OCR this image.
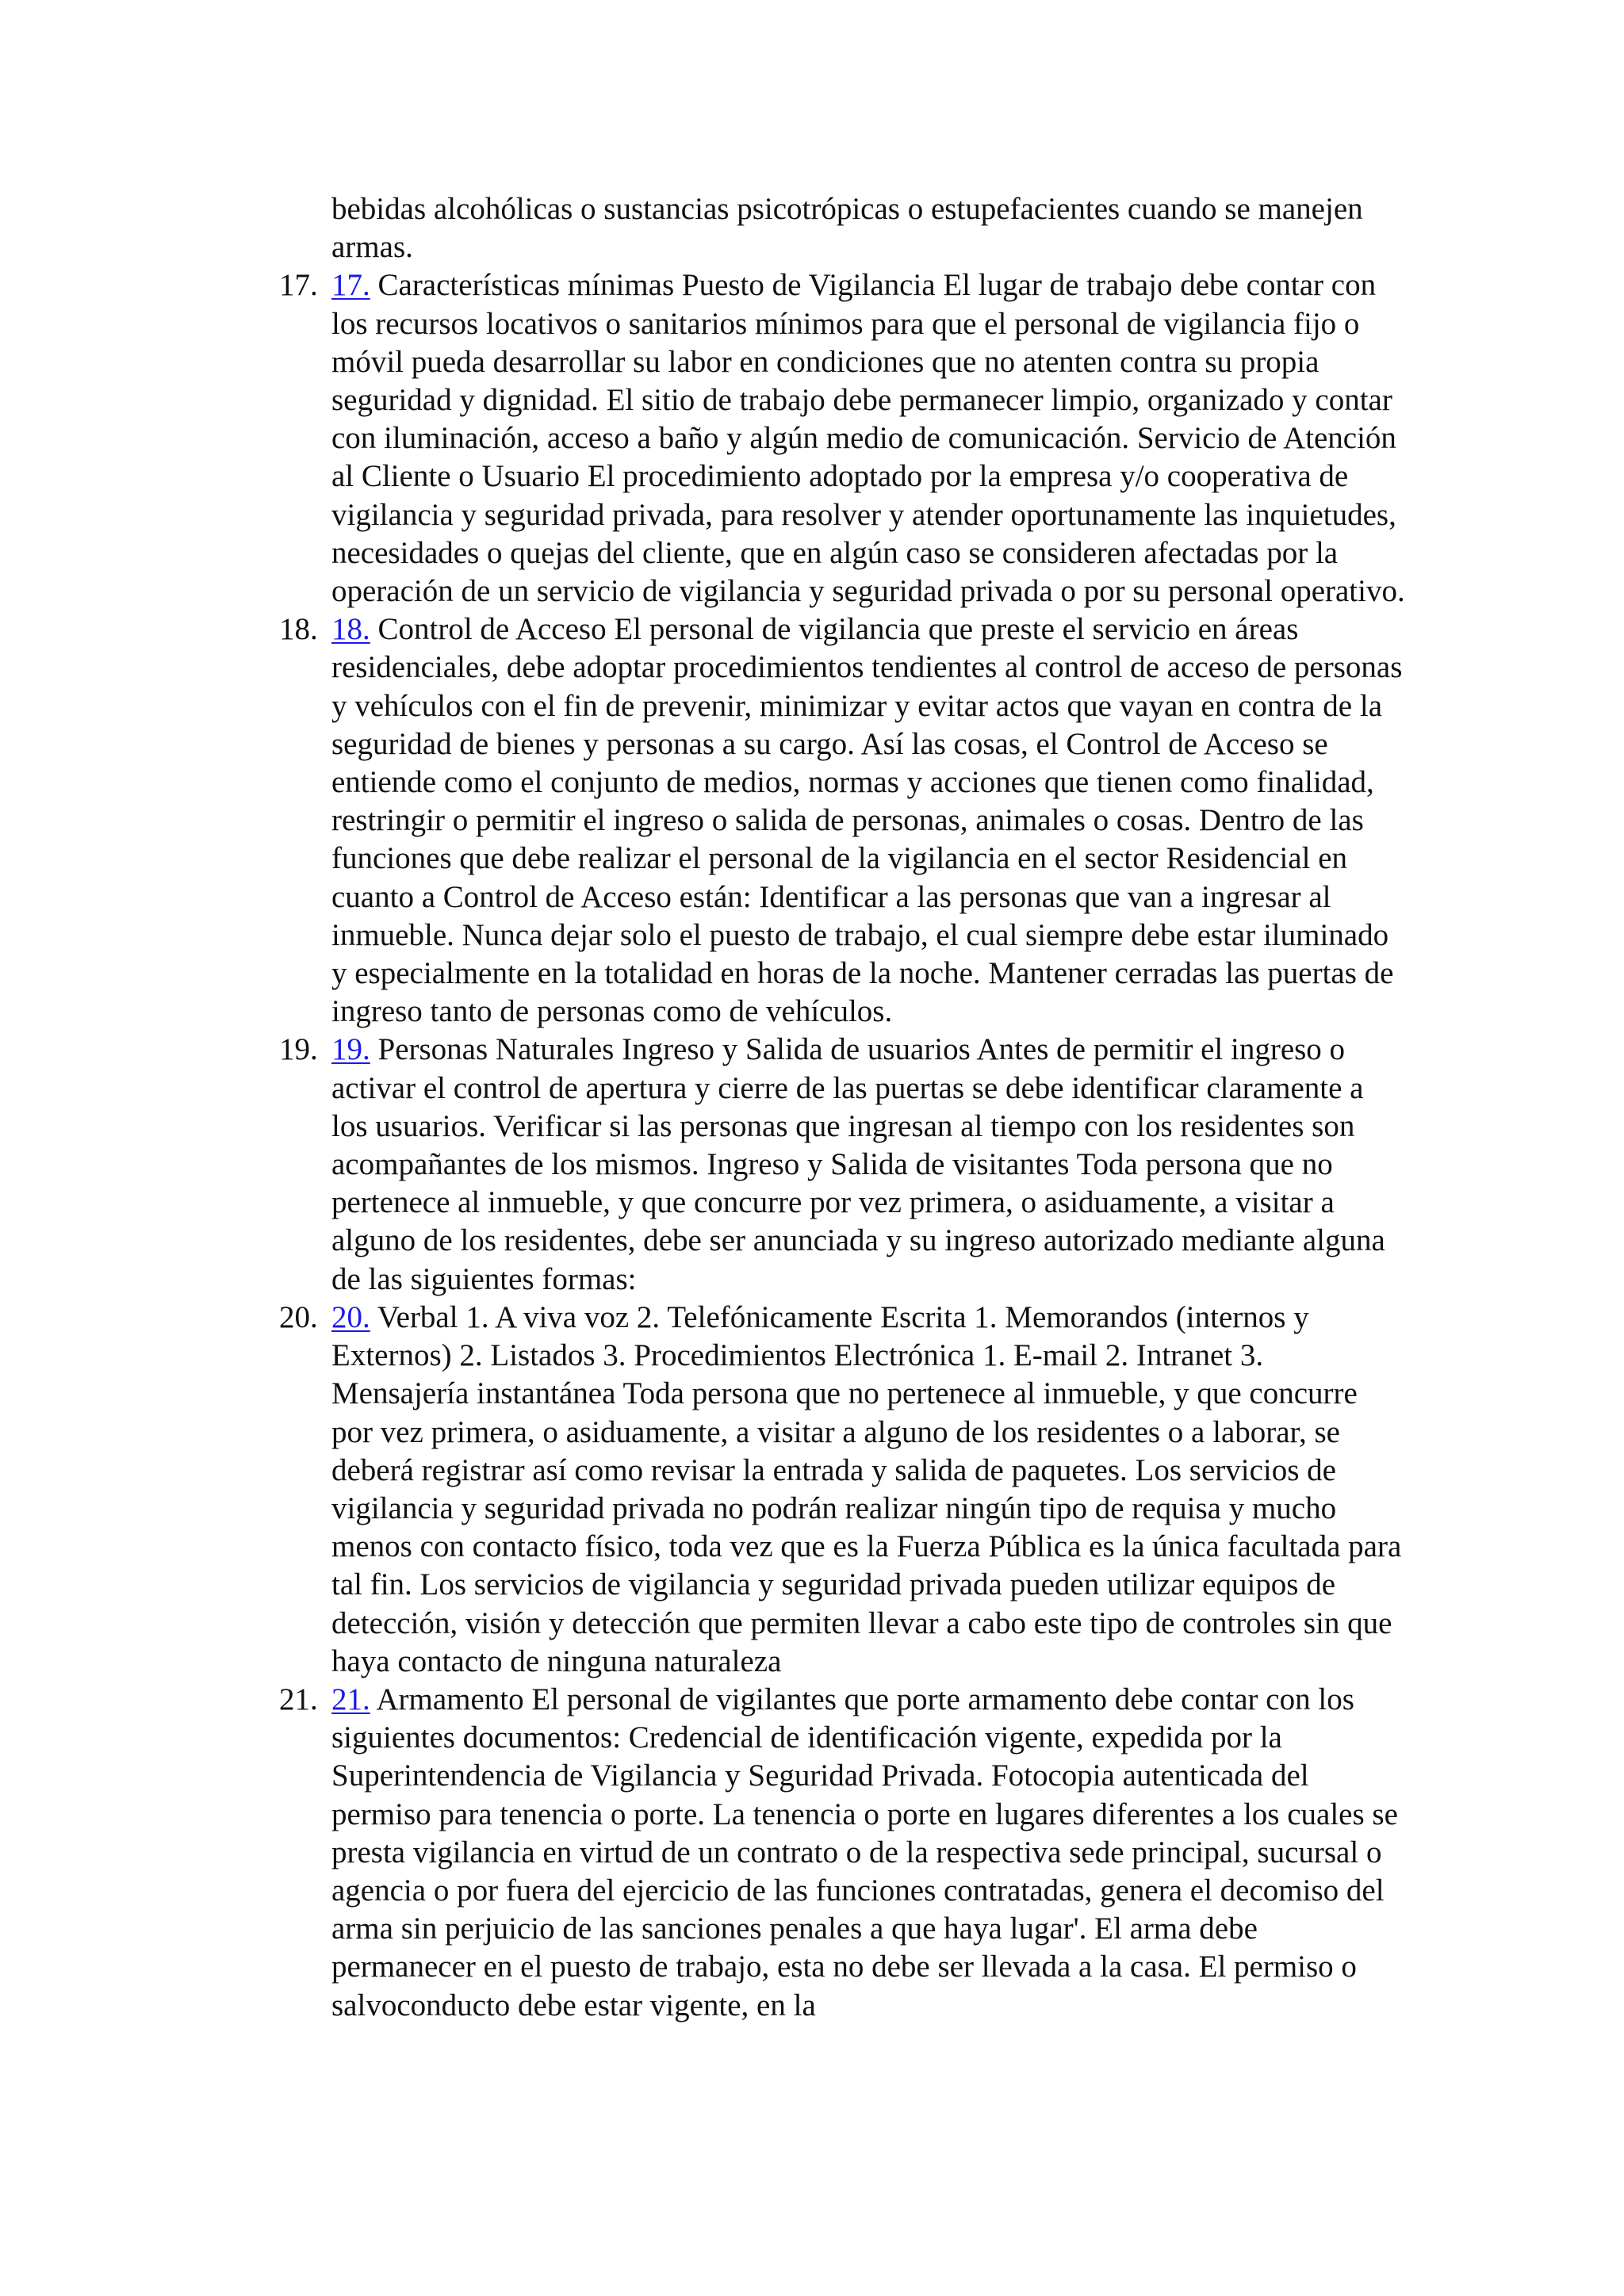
bebidas alcohólicas o sustancias psicotrópicas o estupefacientes cuando se manejen armas.

17. 17. Características mínimas Puesto de Vigilancia El lugar de trabajo debe contar con los recursos locativos o sanitarios mínimos para que el personal de vigilancia fijo o móvil pueda desarrollar su labor en condiciones que no atenten contra su propia seguridad y dignidad. El sitio de trabajo debe permanecer limpio, organizado y contar con iluminación, acceso a baño y algún medio de comunicación. Servicio de Atención al Cliente o Usuario El procedimiento adoptado por la empresa y/o cooperativa de vigilancia y seguridad privada, para resolver y atender oportunamente las inquietudes, necesidades o quejas del cliente, que en algún caso se consideren afectadas por la operación de un servicio de vigilancia y seguridad privada o por su personal operativo.
18. 18. Control de Acceso El personal de vigilancia que preste el servicio en áreas residenciales, debe adoptar procedimientos tendientes al control de acceso de personas y vehículos con el fin de prevenir, minimizar y evitar actos que vayan en contra de la seguridad de bienes y personas a su cargo. Así las cosas, el Control de Acceso se entiende como el conjunto de medios, normas y acciones que tienen como finalidad, restringir o permitir el ingreso o salida de personas, animales o cosas. Dentro de las funciones que debe realizar el personal de la vigilancia en el sector Residencial en cuanto a Control de Acceso están: Identificar a las personas que van a ingresar al inmueble. Nunca dejar solo el puesto de trabajo, el cual siempre debe estar iluminado y especialmente en la totalidad en horas de la noche. Mantener cerradas las puertas de ingreso tanto de personas como de vehículos.
19. 19. Personas Naturales Ingreso y Salida de usuarios Antes de permitir el ingreso o activar el control de apertura y cierre de las puertas se debe identificar claramente a los usuarios. Verificar si las personas que ingresan al tiempo con los residentes son acompañantes de los mismos. Ingreso y Salida de visitantes Toda persona que no pertenece al inmueble, y que concurre por vez primera, o asiduamente, a visitar a alguno de los residentes, debe ser anunciada y su ingreso autorizado mediante alguna de las siguientes formas:
20. 20. Verbal 1. A viva voz 2. Telefónicamente Escrita 1. Memorandos (internos y Externos) 2. Listados 3. Procedimientos Electrónica 1. E-mail 2. Intranet 3. Mensajería instantánea Toda persona que no pertenece al inmueble, y que concurre por vez primera, o asiduamente, a visitar a alguno de los residentes o a laborar, se deberá registrar así como revisar la entrada y salida de paquetes. Los servicios de vigilancia y seguridad privada no podrán realizar ningún tipo de requisa y mucho menos con contacto físico, toda vez que es la Fuerza Pública es la única facultada para tal fin. Los servicios de vigilancia y seguridad privada pueden utilizar equipos de detección, visión y detección que permiten llevar a cabo este tipo de controles sin que haya contacto de ninguna naturaleza
21. 21. Armamento El personal de vigilantes que porte armamento debe contar con los siguientes documentos: Credencial de identificación vigente, expedida por la Superintendencia de Vigilancia y Seguridad Privada. Fotocopia autenticada del permiso para tenencia o porte. La tenencia o porte en lugares diferentes a los cuales se presta vigilancia en virtud de un contrato o de la respectiva sede principal, sucursal o agencia o por fuera del ejercicio de las funciones contratadas, genera el decomiso del arma sin perjuicio de las sanciones penales a que haya lugar'. El arma debe permanecer en el puesto de trabajo, esta no debe ser llevada a la casa. El permiso o salvoconducto debe estar vigente, en la
